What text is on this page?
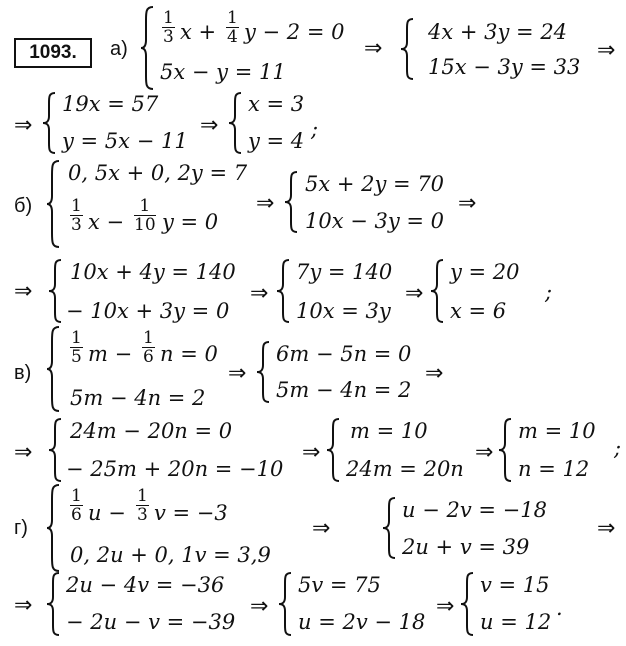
1093. а)
$\frac{1}{3}$ $x + \frac{1}{4}$ y − 2 = 0
5x − y = 11
⇒
4x + 3y = 24
15x − 3y = 33
⇒
⇒
19x = 57
y = 5x − 11
⇒
x = 3
y = 4 ;
б)
0, 5x + 0, 2y = 7
$\frac{1}{3}$ $x - \frac{1}{10}$ y = 0
⇒
5x + 2y = 70
10x − 3y = 0
⇒
⇒
10x + 4y = 140
− 10x + 3y = 0
⇒
7y = 140
10x = 3y
⇒
y = 20
x = 6
;
в)
$\frac{1}{5}$ $m - \frac{1}{6}$ n = 0
5m − 4n = 2
⇒
6m − 5n = 0
5m − 4n = 2
⇒
⇒
24m − 20n = 0
− 25m + 20n = −10
⇒
m = 10
24m = 20n
⇒
m = 10
n = 12
;
г)
$\frac{1}{6}$ $u - \frac{1}{3}$ v = −3
0, 2u + 0, 1v = 3,9
⇒
u − 2v = −18
2u + v = 39
⇒
⇒
2u − 4v = −36
− 2u − v = −39
⇒
5v = 75
u = 2v − 18
⇒
v = 15
u = 12
.
